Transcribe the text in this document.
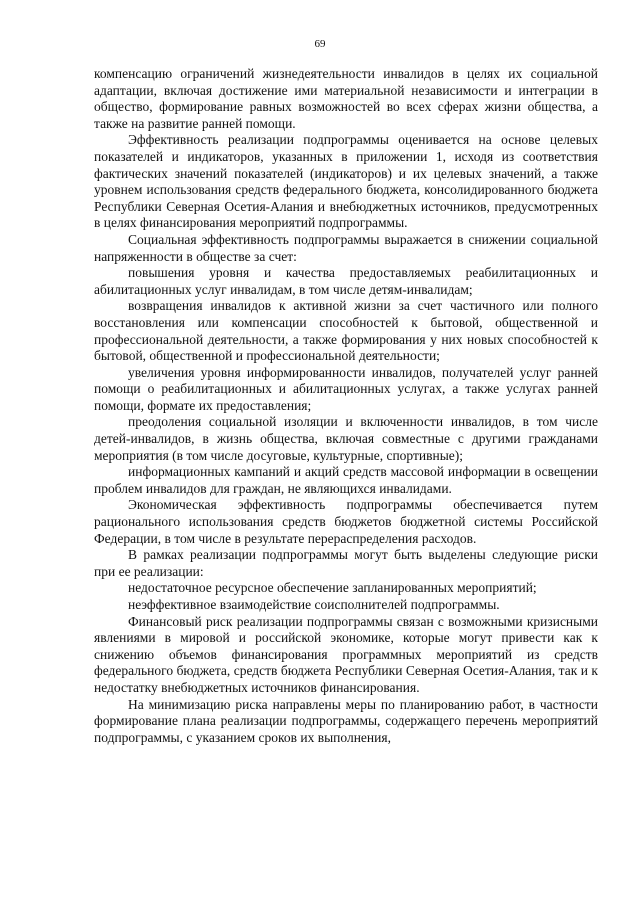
69

компенсацию ограничений жизнедеятельности инвалидов в целях их социальной адаптации, включая достижение ими материальной независимости и интеграции в общество, формирование равных возможностей во всех сферах жизни общества, а также на развитие ранней помощи.

Эффективность реализации подпрограммы оценивается на основе целевых показателей и индикаторов, указанных в приложении 1, исходя из соответствия фактических значений показателей (индикаторов) и их целевых значений, а также уровнем использования средств федерального бюджета, консолидированного бюджета Республики Северная Осетия-Алания и внебюджетных источников, предусмотренных в целях финансирования мероприятий подпрограммы.

Социальная эффективность подпрограммы выражается в снижении социальной напряженности в обществе за счет:

повышения уровня и качества предоставляемых реабилитационных и абилитационных услуг инвалидам, в том числе детям-инвалидам;

возвращения инвалидов к активной жизни за счет частичного или полного восстановления или компенсации способностей к бытовой, общественной и профессиональной деятельности, а также формирования у них новых способностей к бытовой, общественной и профессиональной деятельности;

увеличения уровня информированности инвалидов, получателей услуг ранней помощи о реабилитационных и абилитационных услугах, а также услугах ранней помощи, формате их предоставления;

преодоления социальной изоляции и включенности инвалидов, в том числе детей-инвалидов, в жизнь общества, включая совместные с другими гражданами мероприятия (в том числе досуговые, культурные, спортивные);

информационных кампаний и акций средств массовой информации в освещении проблем инвалидов для граждан, не являющихся инвалидами.

Экономическая эффективность подпрограммы обеспечивается путем рационального использования средств бюджетов бюджетной системы Российской Федерации, в том числе в результате перераспределения расходов.

В рамках реализации подпрограммы могут быть выделены следующие риски при ее реализации:

недостаточное ресурсное обеспечение запланированных мероприятий;

неэффективное взаимодействие соисполнителей подпрограммы.

Финансовый риск реализации подпрограммы связан с возможными кризисными явлениями в мировой и российской экономике, которые могут привести как к снижению объемов финансирования программных мероприятий из средств федерального бюджета, средств бюджета Республики Северная Осетия-Алания, так и к недостатку внебюджетных источников финансирования.

На минимизацию риска направлены меры по планированию работ, в частности формирование плана реализации подпрограммы, содержащего перечень мероприятий подпрограммы, с указанием сроков их выполнения,
